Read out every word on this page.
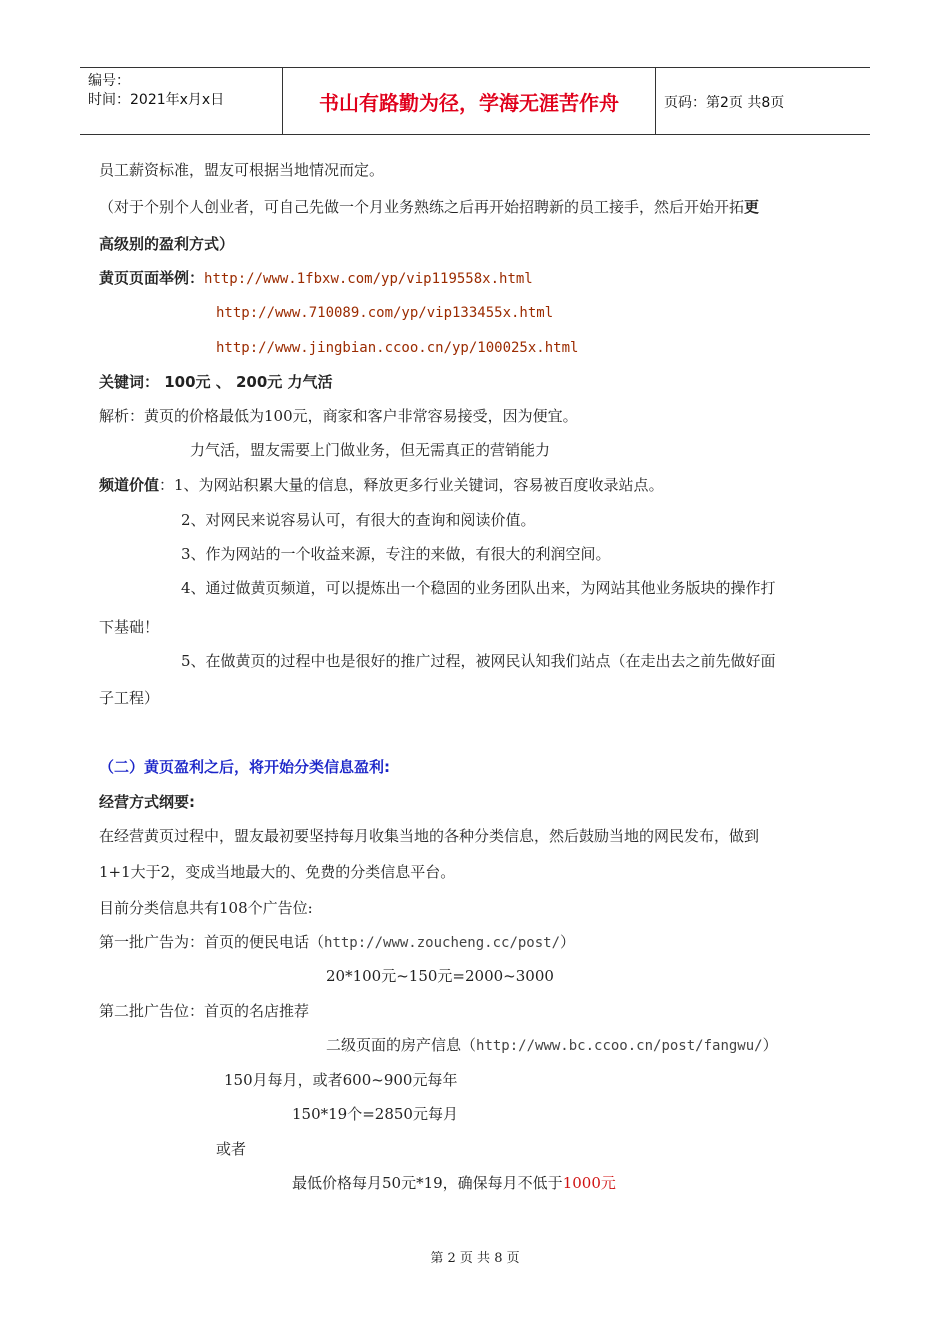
编号：
时间：2021年x月x日	书山有路勤为径，学海无涯苦作舟	页码：第2页 共8页
员工薪资标准，盟友可根据当地情况而定。
（对于个别个人创业者，可自己先做一个月业务熟练之后再开始招聘新的员工接手，然后开始开拓更
高级别的盈利方式）
黄页页面举例：http://www.1fbxw.com/yp/vip119558x.html
http://www.710089.com/yp/vip133455x.html
http://www.jingbian.ccoo.cn/yp/100025x.html
关键词： 100元 、 200元 力气活
解析：黄页的价格最低为100元，商家和客户非常容易接受，因为便宜。
力气活，盟友需要上门做业务，但无需真正的营销能力
频道价值：1、为网站积累大量的信息，释放更多行业关键词，容易被百度收录站点。
2、对网民来说容易认可，有很大的查询和阅读价值。
3、作为网站的一个收益来源，专注的来做，有很大的利润空间。
4、通过做黄页频道，可以提炼出一个稳固的业务团队出来，为网站其他业务版块的操作打
下基础！
5、在做黄页的过程中也是很好的推广过程，被网民认知我们站点（在走出去之前先做好面
子工程）
（二）黄页盈利之后，将开始分类信息盈利:
经营方式纲要:
在经营黄页过程中，盟友最初要坚持每月收集当地的各种分类信息，然后鼓励当地的网民发布，做到
1+1大于2，变成当地最大的、免费的分类信息平台。
目前分类信息共有108个广告位:
第一批广告为：首页的便民电话（http://www.zoucheng.cc/post/）
20*100元~150元=2000~3000
第二批广告位：首页的名店推荐
二级页面的房产信息（http://www.bc.ccoo.cn/post/fangwu/）
150月每月，或者600~900元每年
150*19个=2850元每月
或者
最低价格每月50元*19，确保每月不低于1000元
第 2 页 共 8 页
